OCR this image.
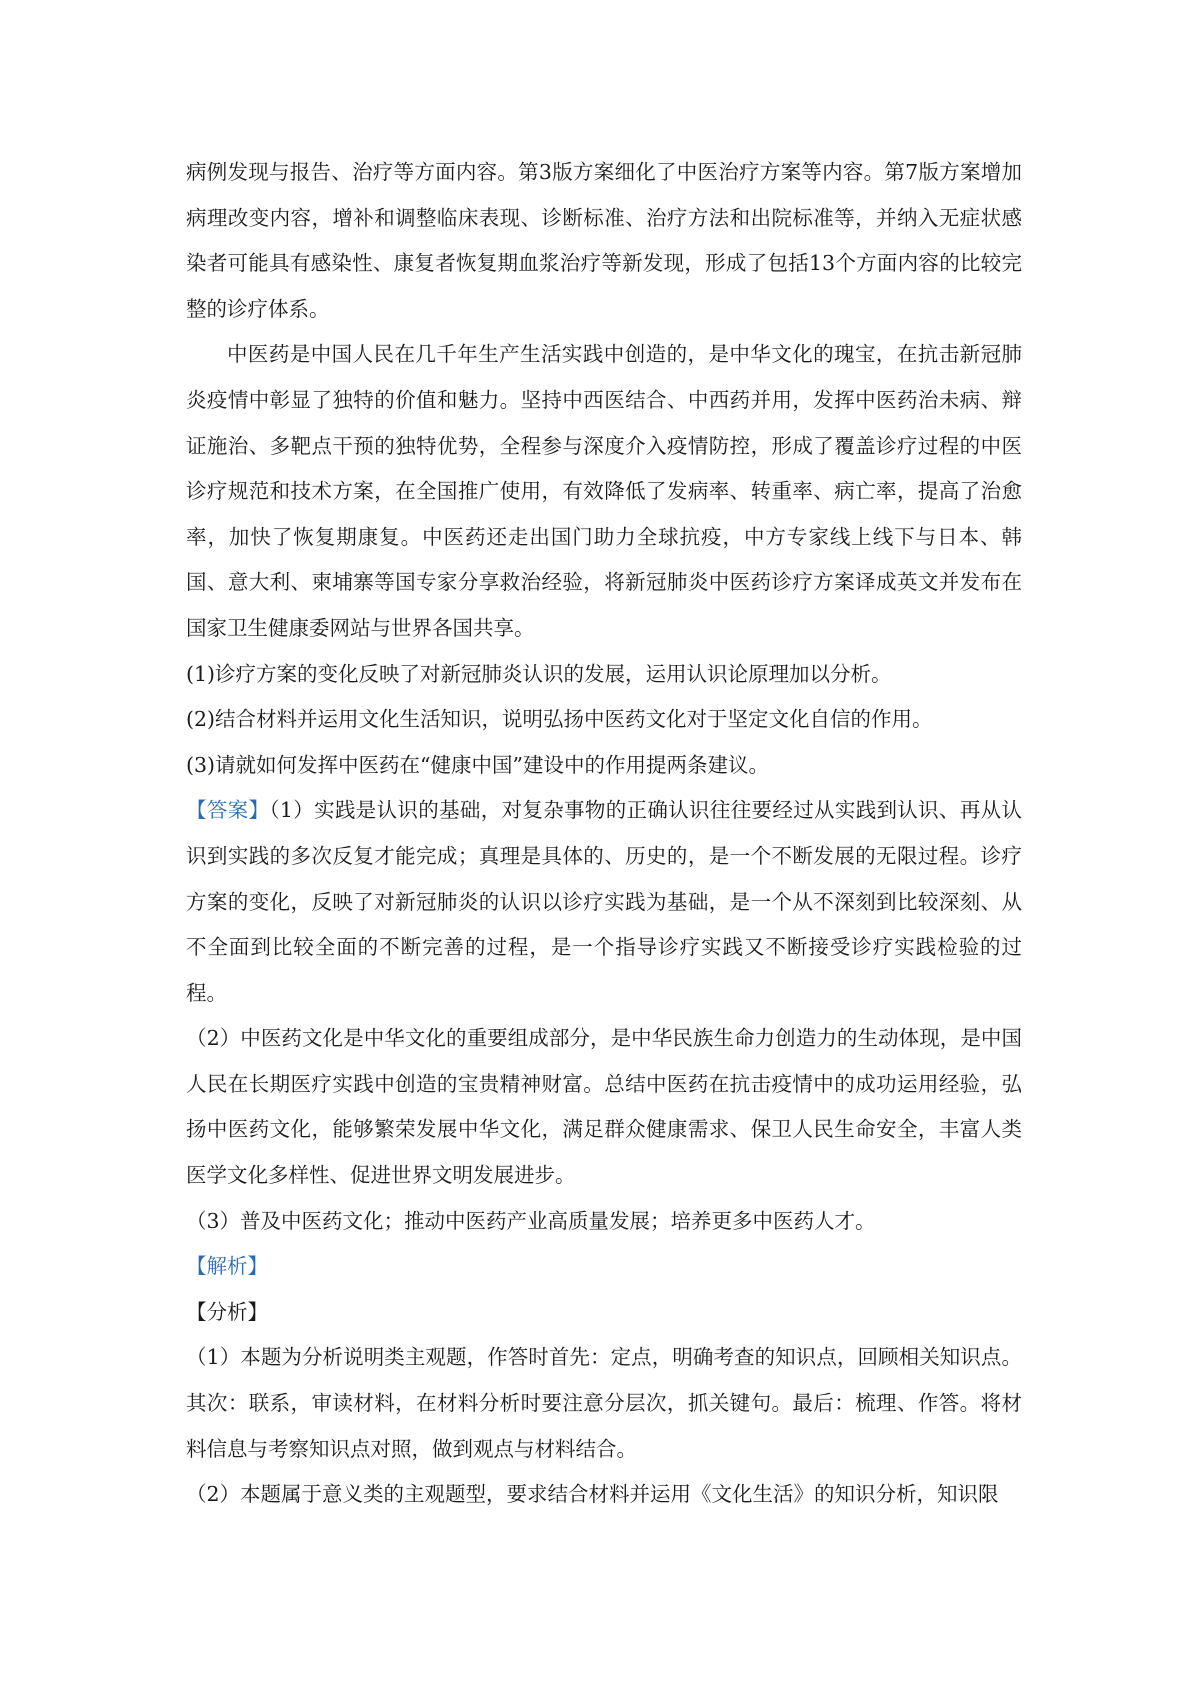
病例发现与报告、治疗等方面内容。第3版方案细化了中医治疗方案等内容。第7版方案增加病理改变内容，增补和调整临床表现、诊断标准、治疗方法和出院标准等，并纳入无症状感染者可能具有感染性、康复者恢复期血浆治疗等新发现，形成了包括13个方面内容的比较完整的诊疗体系。

中医药是中国人民在几千年生产生活实践中创造的，是中华文化的瑰宝，在抗击新冠肺炎疫情中彰显了独特的价值和魅力。坚持中西医结合、中西药并用，发挥中医药治未病、辩证施治、多靶点干预的独特优势，全程参与深度介入疫情防控，形成了覆盖诊疗过程的中医诊疗规范和技术方案，在全国推广使用，有效降低了发病率、转重率、病亡率，提高了治愈率，加快了恢复期康复。中医药还走出国门助力全球抗疫，中方专家线上线下与日本、韩国、意大利、柬埔寨等国专家分享救治经验，将新冠肺炎中医药诊疗方案译成英文并发布在国家卫生健康委网站与世界各国共享。

(1)诊疗方案的变化反映了对新冠肺炎认识的发展，运用认识论原理加以分析。

(2)结合材料并运用文化生活知识，说明弘扬中医药文化对于坚定文化自信的作用。

(3)请就如何发挥中医药在“健康中国”建设中的作用提两条建议。

【答案】（1）实践是认识的基础，对复杂事物的正确认识往往要经过从实践到认识、再从认识到实践的多次反复才能完成；真理是具体的、历史的，是一个不断发展的无限过程。诊疗方案的变化，反映了对新冠肺炎的认识以诊疗实践为基础，是一个从不深刻到比较深刻、从不全面到比较全面的不断完善的过程，是一个指导诊疗实践又不断接受诊疗实践检验的过程。

（2）中医药文化是中华文化的重要组成部分，是中华民族生命力创造力的生动体现，是中国人民在长期医疗实践中创造的宝贵精神财富。总结中医药在抗击疫情中的成功运用经验，弘扬中医药文化，能够繁荣发展中华文化，满足群众健康需求、保卫人民生命安全，丰富人类医学文化多样性、促进世界文明发展进步。

（3）普及中医药文化；推动中医药产业高质量发展；培养更多中医药人才。

【解析】

【分析】

（1）本题为分析说明类主观题，作答时首先：定点，明确考查的知识点，回顾相关知识点。其次：联系，审读材料，在材料分析时要注意分层次，抓关键句。最后：梳理、作答。将材料信息与考察知识点对照，做到观点与材料结合。

（2）本题属于意义类的主观题型，要求结合材料并运用《文化生活》的知识分析，知识限
